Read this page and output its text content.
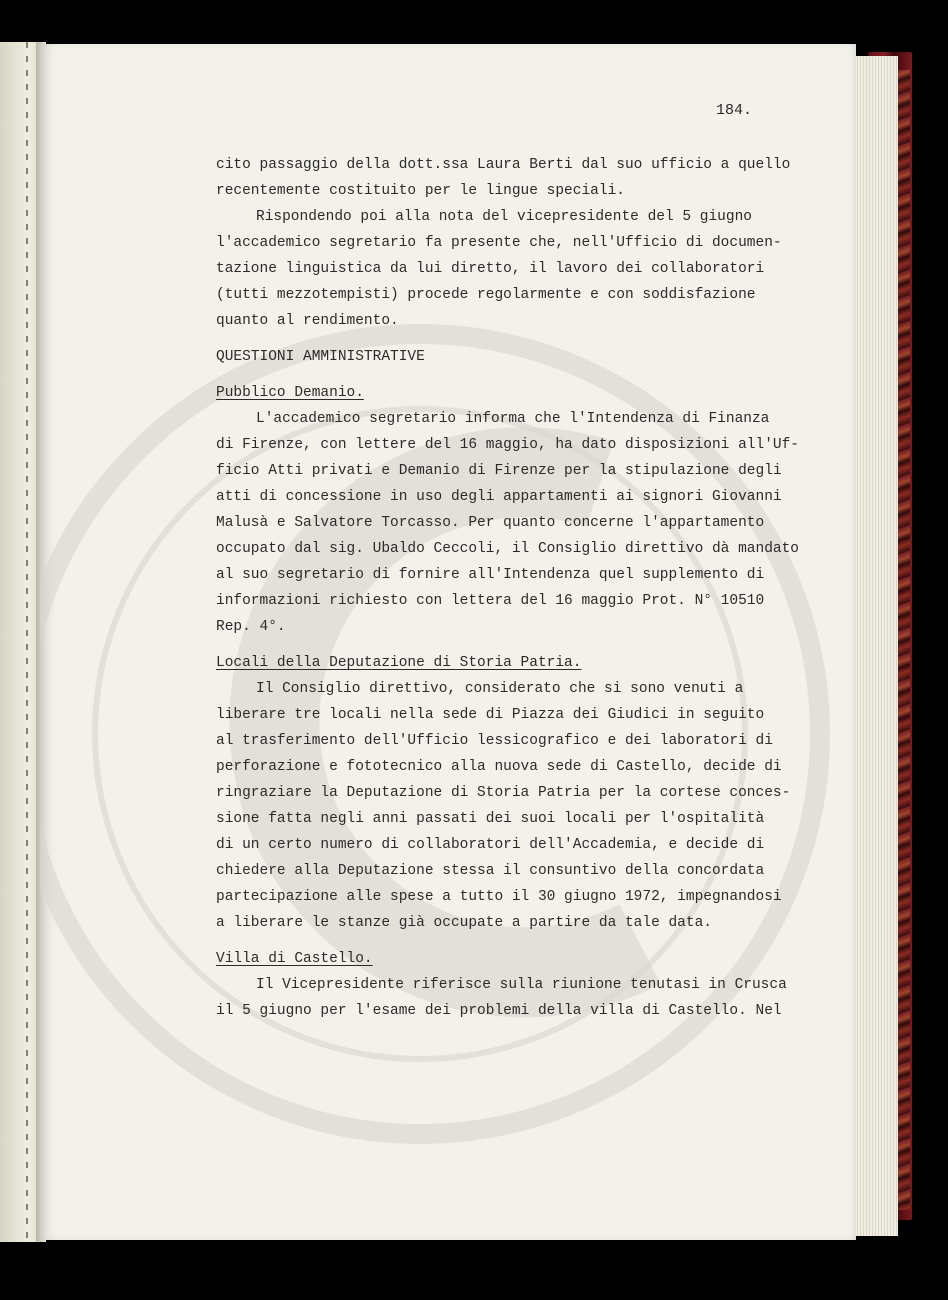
184.
cito passaggio della dott.ssa Laura Berti dal suo ufficio a quello
recentemente costituito per le lingue speciali.
Rispondendo poi alla nota del vicepresidente del 5 giugno
l'accademico segretario fa presente che, nell'Ufficio di documen-
tazione linguistica da lui diretto, il lavoro dei collaboratori
(tutti mezzotempisti) procede regolarmente e con soddisfazione
quanto al rendimento.
QUESTIONI AMMINISTRATIVE
Pubblico Demanio.
L'accademico segretario informa che l'Intendenza di Finanza
di Firenze, con lettere del 16 maggio, ha dato disposizioni all'Uf-
ficio Atti privati e Demanio di Firenze per la stipulazione degli
atti di concessione in uso degli appartamenti ai signori Giovanni
Malusà e Salvatore Torcasso. Per quanto concerne l'appartamento
occupato dal sig. Ubaldo Ceccoli, il Consiglio direttivo dà mandato
al suo segretario di fornire all'Intendenza quel supplemento di
informazioni richiesto con lettera del 16 maggio Prot. N° 10510
Rep. 4°.
Locali della Deputazione di Storia Patria.
Il Consiglio direttivo, considerato che si sono venuti a
liberare tre locali nella sede di Piazza dei Giudici in seguito
al trasferimento dell'Ufficio lessicografico e dei laboratori di
perforazione e fototecnico alla nuova sede di Castello, decide di
ringraziare la Deputazione di Storia Patria per la cortese conces-
sione fatta negli anni passati dei suoi locali per l'ospitalità
di un certo numero di collaboratori dell'Accademia, e decide di
chiedere alla Deputazione stessa il consuntivo della concordata
partecipazione alle spese a tutto il 30 giugno 1972, impegnandosi
a liberare le stanze già occupate a partire da tale data.
Villa di Castello.
Il Vicepresidente riferisce sulla riunione tenutasi in Crusca
il 5 giugno per l'esame dei problemi della villa di Castello. Nel
